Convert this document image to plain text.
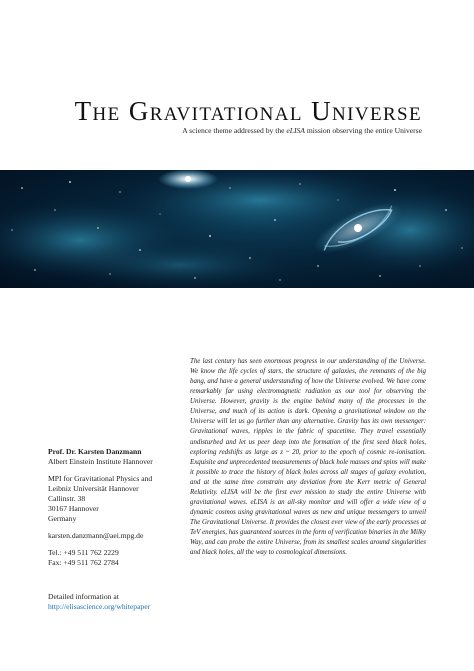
The Gravitational Universe
A science theme addressed by the eLISA mission observing the entire Universe
Prof. Dr. Karsten Danzmann
Albert Einstein Institute Hannover
MPI for Gravitational Physics and
Leibniz Universität Hannover
Callinstr. 38
30167 Hannover
Germany
karsten.danzmann@aei.mpg.de
Tel.: +49 511 762 2229
Fax: +49 511 762 2784
Detailed information at
http://elisascience.org/whitepaper
The last century has seen enormous progress in our understanding of the Universe. We know the life cycles of stars, the structure of galaxies, the remnants of the big bang, and have a general understanding of how the Universe evolved. We have come remarkably far using electromagnetic radiation as our tool for observing the Universe. However, gravity is the engine behind many of the processes in the Universe, and much of its action is dark. Opening a gravitational window on the Universe will let us go further than any alternative. Gravity has its own messenger: Gravitational waves, ripples in the fabric of spacetime. They travel essentially undisturbed and let us peer deep into the formation of the first seed black holes, exploring redshifts as large as z ~ 20, prior to the epoch of cosmic re-ionisation. Exquisite and unprecedented measurements of black hole masses and spins will make it possible to trace the history of black holes across all stages of galaxy evolution, and at the same time constrain any deviation from the Kerr metric of General Relativity. eLISA will be the first ever mission to study the entire Universe with gravitational waves. eLISA is an all-sky monitor and will offer a wide view of a dynamic cosmos using gravitational waves as new and unique messengers to unveil The Gravitational Universe. It provides the closest ever view of the early processes at TeV energies, has guaranteed sources in the form of verification binaries in the Milky Way, and can probe the entire Universe, from its smallest scales around singularities and black holes, all the way to cosmological dimensions.
